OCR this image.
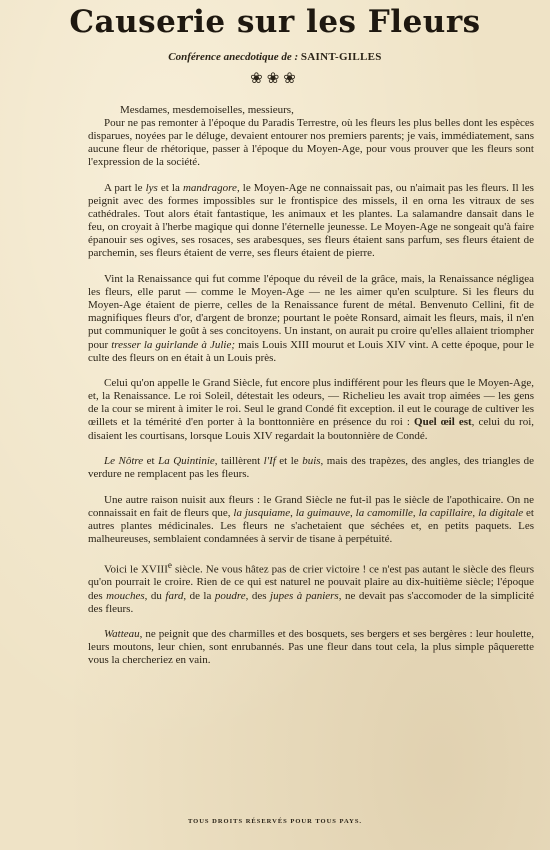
Causerie sur les Fleurs
Conférence anecdotique de : SAINT-GILLES
❀❀❀

Mesdames, mesdemoiselles, messieurs,

Pour ne pas remonter à l'époque du Paradis Terrestre, où les fleurs les plus belles dont les espèces disparues, noyées par le déluge, devaient entourer nos premiers parents; je vais, immédiatement, sans aucune fleur de rhétorique, passer à l'époque du Moyen-Age, pour vous prouver que les fleurs sont l'expression de la société.

A part le lys et la mandragore, le Moyen-Age ne connaissait pas, ou n'aimait pas les fleurs. Il les peignit avec des formes impossibles sur le frontispice des missels, il en orna les vitraux de ses cathédrales. Tout alors était fantastique, les animaux et les plantes. La salamandre dansait dans le feu, on croyait à l'herbe magique qui donne l'éternelle jeunesse. Le Moyen-Age ne songeait qu'à faire épanouir ses ogives, ses rosaces, ses arabesques, ses fleurs étaient sans parfum, ses fleurs étaient de parchemin, ses fleurs étaient de verre, ses fleurs étaient de pierre.

Vint la Renaissance qui fut comme l'époque du réveil de la grâce, mais, la Renaissance négligea les fleurs, elle parut — comme le Moyen-Age — ne les aimer qu'en sculpture. Si les fleurs du Moyen-Age étaient de pierre, celles de la Renaissance furent de métal. Benvenuto Cellini, fit de magnifiques fleurs d'or, d'argent de bronze; pourtant le poète Ronsard, aimait les fleurs, mais, il n'en put communiquer le goût à ses concitoyens. Un instant, on aurait pu croire qu'elles allaient triompher pour tresser la guirlande à Julie; mais Louis XIII mourut et Louis XIV vint. A cette époque, pour le culte des fleurs on en était à un Louis près.

Celui qu'on appelle le Grand Siècle, fut encore plus indifférent pour les fleurs que le Moyen-Age, et, la Renaissance. Le roi Soleil, détestait les odeurs, — Richelieu les avait trop aimées — les gens de la cour se mirent à imiter le roi. Seul le grand Condé fit exception. il eut le courage de cultiver les œillets et la témérité d'en porter à la bonttonnière en présence du roi : Quel œil est, celui du roi, disaient les courtisans, lorsque Louis XIV regardait la boutonnière de Condé.

Le Nôtre et La Quintinie, taillèrent l'If et le buis, mais des trapèzes, des angles, des triangles de verdure ne remplacent pas les fleurs.

Une autre raison nuisit aux fleurs : le Grand Siècle ne fut-il pas le siècle de l'apothicaire. On ne connaissait en fait de fleurs que, la jusquiame, la guimauve, la camomille, la capillaire, la digitale et autres plantes médicinales. Les fleurs ne s'achetaient que séchées et, en petits paquets. Les malheureuses, semblaient condamnées à servir de tisane à perpétuité.

Voici le XVIIIe siècle. Ne vous hâtez pas de crier victoire ! ce n'est pas autant le siècle des fleurs qu'on pourrait le croire. Rien de ce qui est naturel ne pouvait plaire au dix-huitième siècle; l'époque des mouches, du fard, de la poudre, des jupes à paniers, ne devait pas s'accomoder de la simplicité des fleurs.

Watteau, ne peignit que des charmilles et des bosquets, ses bergers et ses bergères : leur houlette, leurs moutons, leur chien, sont enrubannés. Pas une fleur dans tout cela, la plus simple pâquerette vous la chercheriez en vain.

TOUS DROITS RÉSERVÉS POUR TOUS PAYS.
